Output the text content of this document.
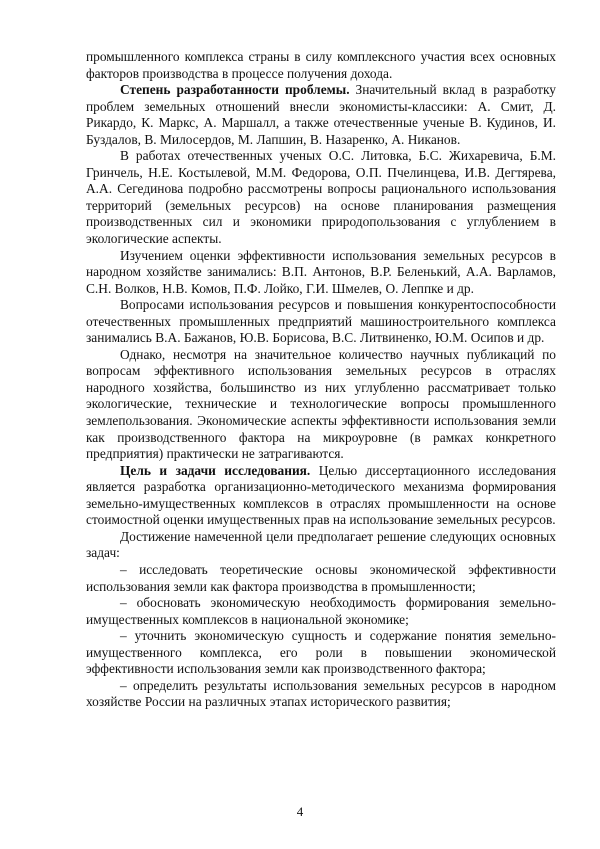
промышленного комплекса страны в силу комплексного участия всех основных факторов производства в процессе получения дохода.

Степень разработанности проблемы. Значительный вклад в разработку проблем земельных отношений внесли экономисты-классики: А. Смит, Д. Рикардо, К. Маркс, А. Маршалл, а также отечественные ученые В. Кудинов, И. Буздалов, В. Милосердов, М. Лапшин, В. Назаренко, А. Никанов.

В работах отечественных ученых О.С. Литовка, Б.С. Жихаревича, Б.М. Гринчель, Н.Е. Костылевой, М.М. Федорова, О.П. Пчелинцева, И.В. Дегтярева, А.А. Сегединова подробно рассмотрены вопросы рационального использования территорий (земельных ресурсов) на основе планирования размещения производственных сил и экономики природопользования с углублением в экологические аспекты.

Изучением оценки эффективности использования земельных ресурсов в народном хозяйстве занимались: В.П. Антонов, В.Р. Беленький, А.А. Варламов, С.Н. Волков, Н.В. Комов, П.Ф. Лойко, Г.И. Шмелев, О. Леппке и др.

Вопросами использования ресурсов и повышения конкурентоспособности отечественных промышленных предприятий машиностроительного комплекса занимались В.А. Бажанов, Ю.В. Борисова, В.С. Литвиненко, Ю.М. Осипов и др.

Однако, несмотря на значительное количество научных публикаций по вопросам эффективного использования земельных ресурсов в отраслях народного хозяйства, большинство из них углубленно рассматривает только экологические, технические и технологические вопросы промышленного землепользования. Экономические аспекты эффективности использования земли как производственного фактора на микроуровне (в рамках конкретного предприятия) практически не затрагиваются.

Цель и задачи исследования. Целью диссертационного исследования является разработка организационно-методического механизма формирования земельно-имущественных комплексов в отраслях промышленности на основе стоимостной оценки имущественных прав на использование земельных ресурсов.

Достижение намеченной цели предполагает решение следующих основных задач:

– исследовать теоретические основы экономической эффективности использования земли как фактора производства в промышленности;

– обосновать экономическую необходимость формирования земельно-имущественных комплексов в национальной экономике;

– уточнить экономическую сущность и содержание понятия земельно-имущественного комплекса, его роли в повышении экономической эффективности использования земли как производственного фактора;

– определить результаты использования земельных ресурсов в народном хозяйстве России на различных этапах исторического развития;

4
